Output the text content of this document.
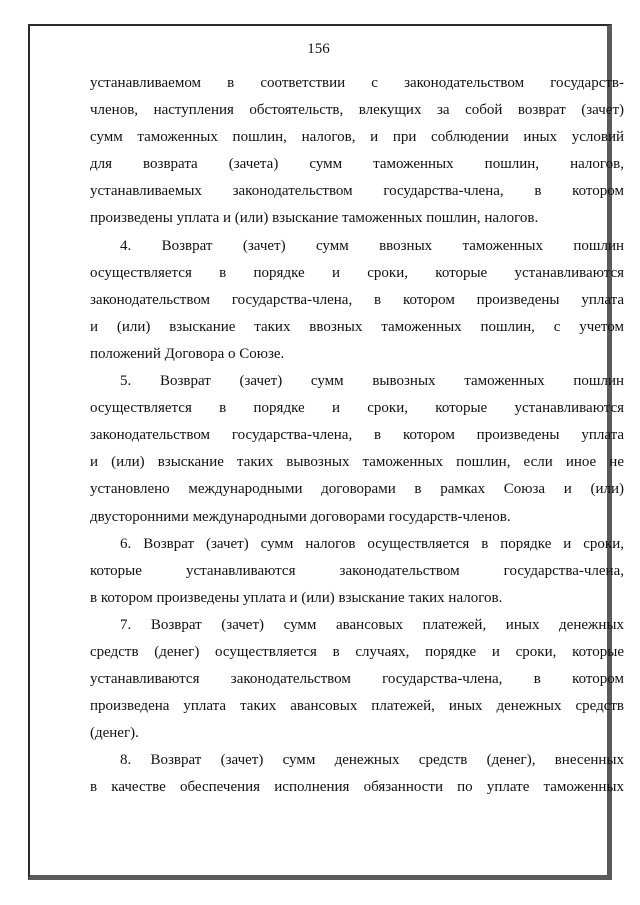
156
устанавливаемом в соответствии с законодательством государств-
членов, наступления обстоятельств, влекущих за собой возврат (зачет)
сумм таможенных пошлин, налогов, и при соблюдении иных условий
для возврата (зачета) сумм таможенных пошлин, налогов,
устанавливаемых законодательством государства-члена, в котором
произведены уплата и (или) взыскание таможенных пошлин, налогов.
4. Возврат (зачет) сумм ввозных таможенных пошлин
осуществляется в порядке и сроки, которые устанавливаются
законодательством государства-члена, в котором произведены уплата
и (или) взыскание таких ввозных таможенных пошлин, с учетом
положений Договора о Союзе.
5. Возврат (зачет) сумм вывозных таможенных пошлин
осуществляется в порядке и сроки, которые устанавливаются
законодательством государства-члена, в котором произведены уплата
и (или) взыскание таких вывозных таможенных пошлин, если иное не
установлено международными договорами в рамках Союза и (или)
двусторонними международными договорами государств-членов.
6. Возврат (зачет) сумм налогов осуществляется в порядке и сроки,
которые устанавливаются законодательством государства-члена,
в котором произведены уплата и (или) взыскание таких налогов.
7. Возврат (зачет) сумм авансовых платежей, иных денежных
средств (денег) осуществляется в случаях, порядке и сроки, которые
устанавливаются законодательством государства-члена, в котором
произведена уплата таких авансовых платежей, иных денежных средств
(денег).
8. Возврат (зачет) сумм денежных средств (денег), внесенных
в качестве обеспечения исполнения обязанности по уплате таможенных
